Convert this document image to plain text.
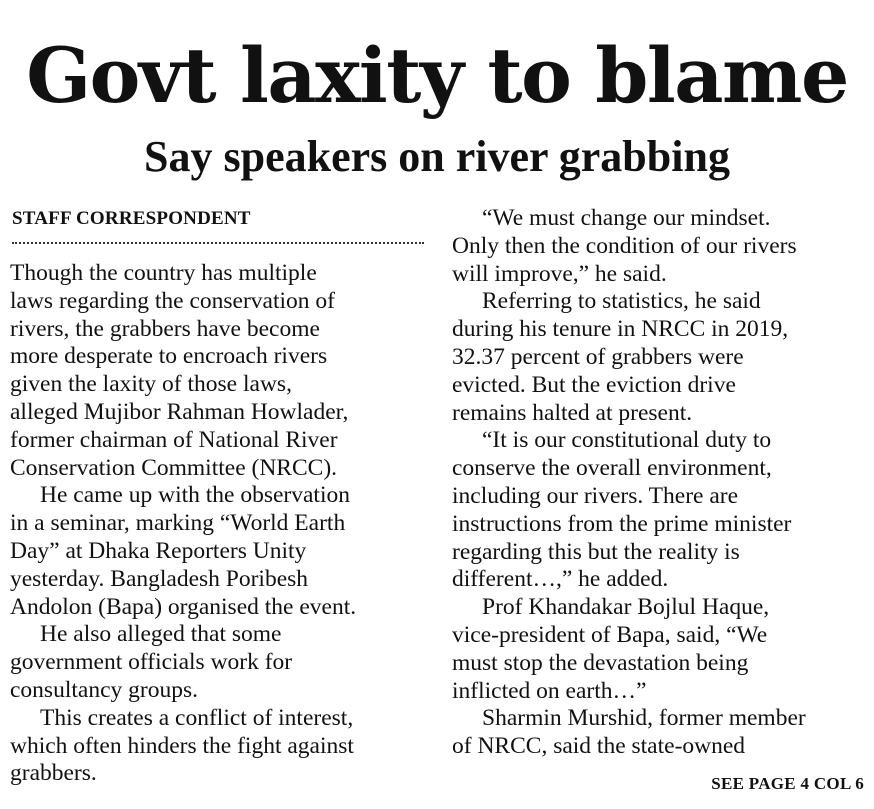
Govt laxity to blame
Say speakers on river grabbing
STAFF CORRESPONDENT
Though the country has multiple
laws regarding the conservation of
rivers, the grabbers have become
more desperate to encroach rivers
given the laxity of those laws,
alleged Mujibor Rahman Howlader,
former chairman of National River
Conservation Committee (NRCC).
He came up with the observation
in a seminar, marking “World Earth
Day” at Dhaka Reporters Unity
yesterday. Bangladesh Poribesh
Andolon (Bapa) organised the event.
He also alleged that some
government officials work for
consultancy groups.
This creates a conflict of interest,
which often hinders the fight against
grabbers.
“We must change our mindset.
Only then the condition of our rivers
will improve,” he said.
Referring to statistics, he said
during his tenure in NRCC in 2019,
32.37 percent of grabbers were
evicted. But the eviction drive
remains halted at present.
“It is our constitutional duty to
conserve the overall environment,
including our rivers. There are
instructions from the prime minister
regarding this but the reality is
different…,” he added.
Prof Khandakar Bojlul Haque,
vice-president of Bapa, said, “We
must stop the devastation being
inflicted on earth…”
Sharmin Murshid, former member
of NRCC, said the state-owned
SEE PAGE 4 COL 6
